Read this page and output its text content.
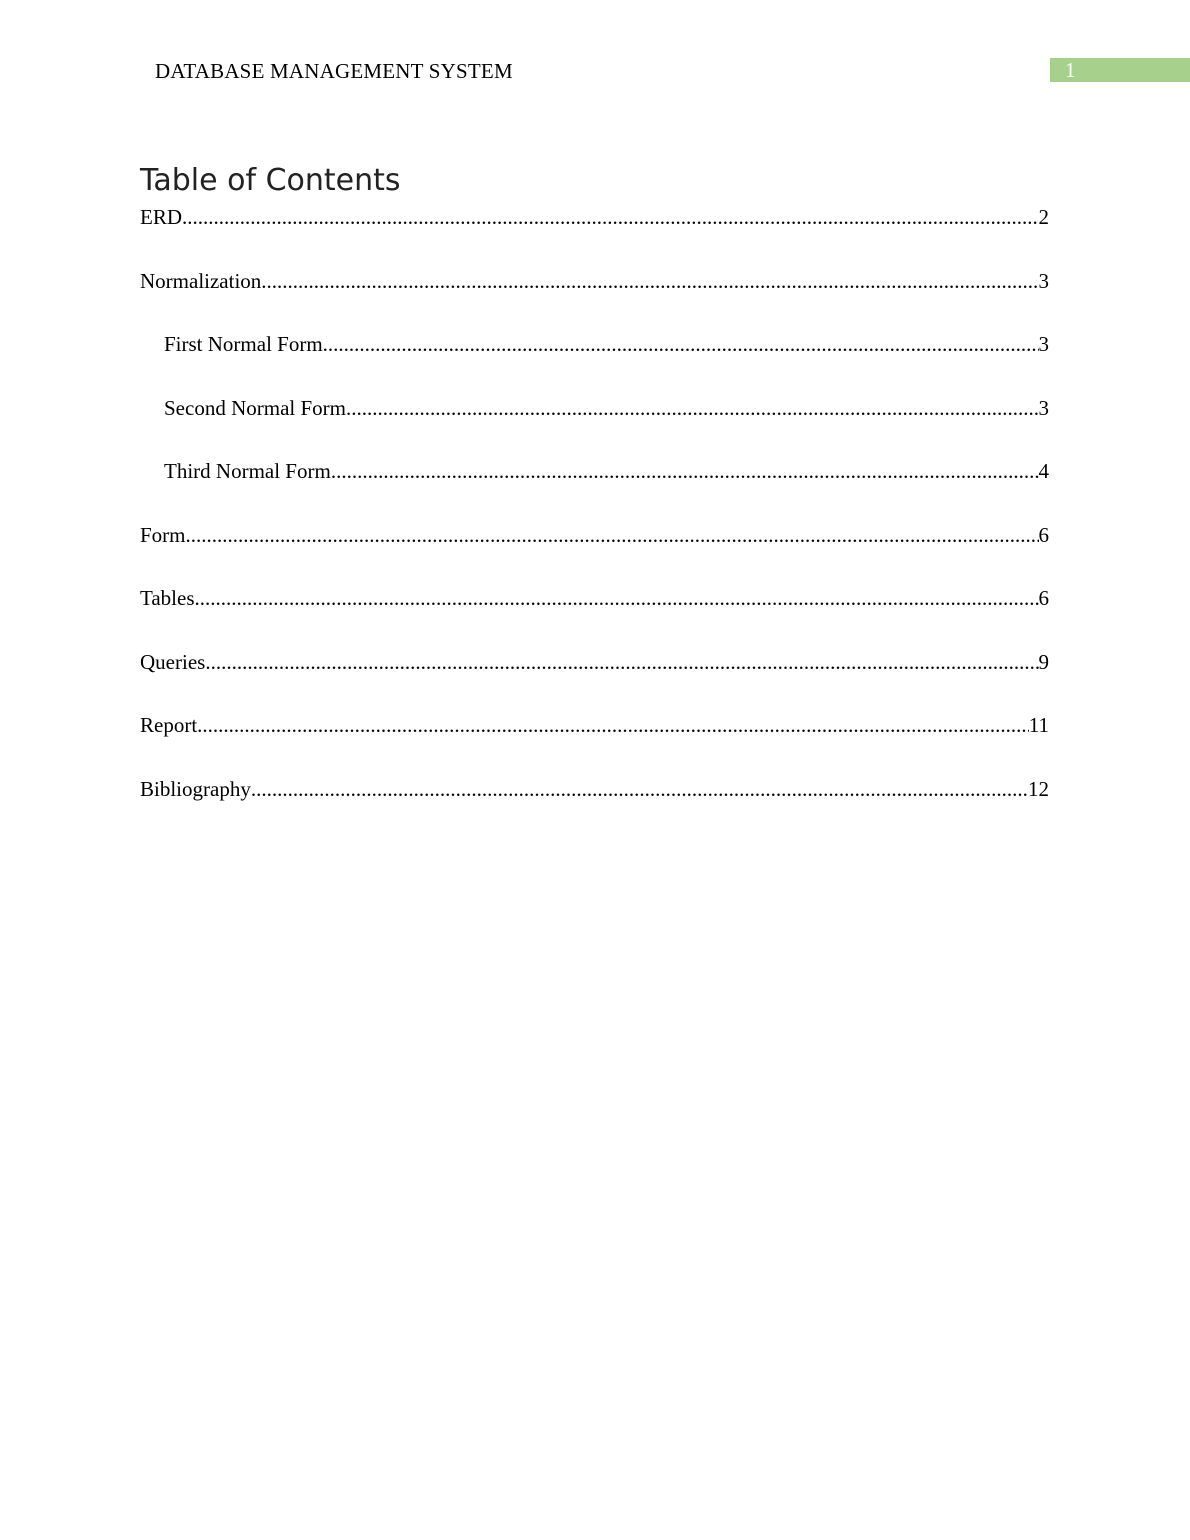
DATABASE MANAGEMENT SYSTEM	1
Table of Contents
ERD .....	2
Normalization .....	3
First Normal Form .....	3
Second Normal Form .....	3
Third Normal Form .....	4
Form .....	6
Tables .....	6
Queries .....	9
Report .....	11
Bibliography .....	12
